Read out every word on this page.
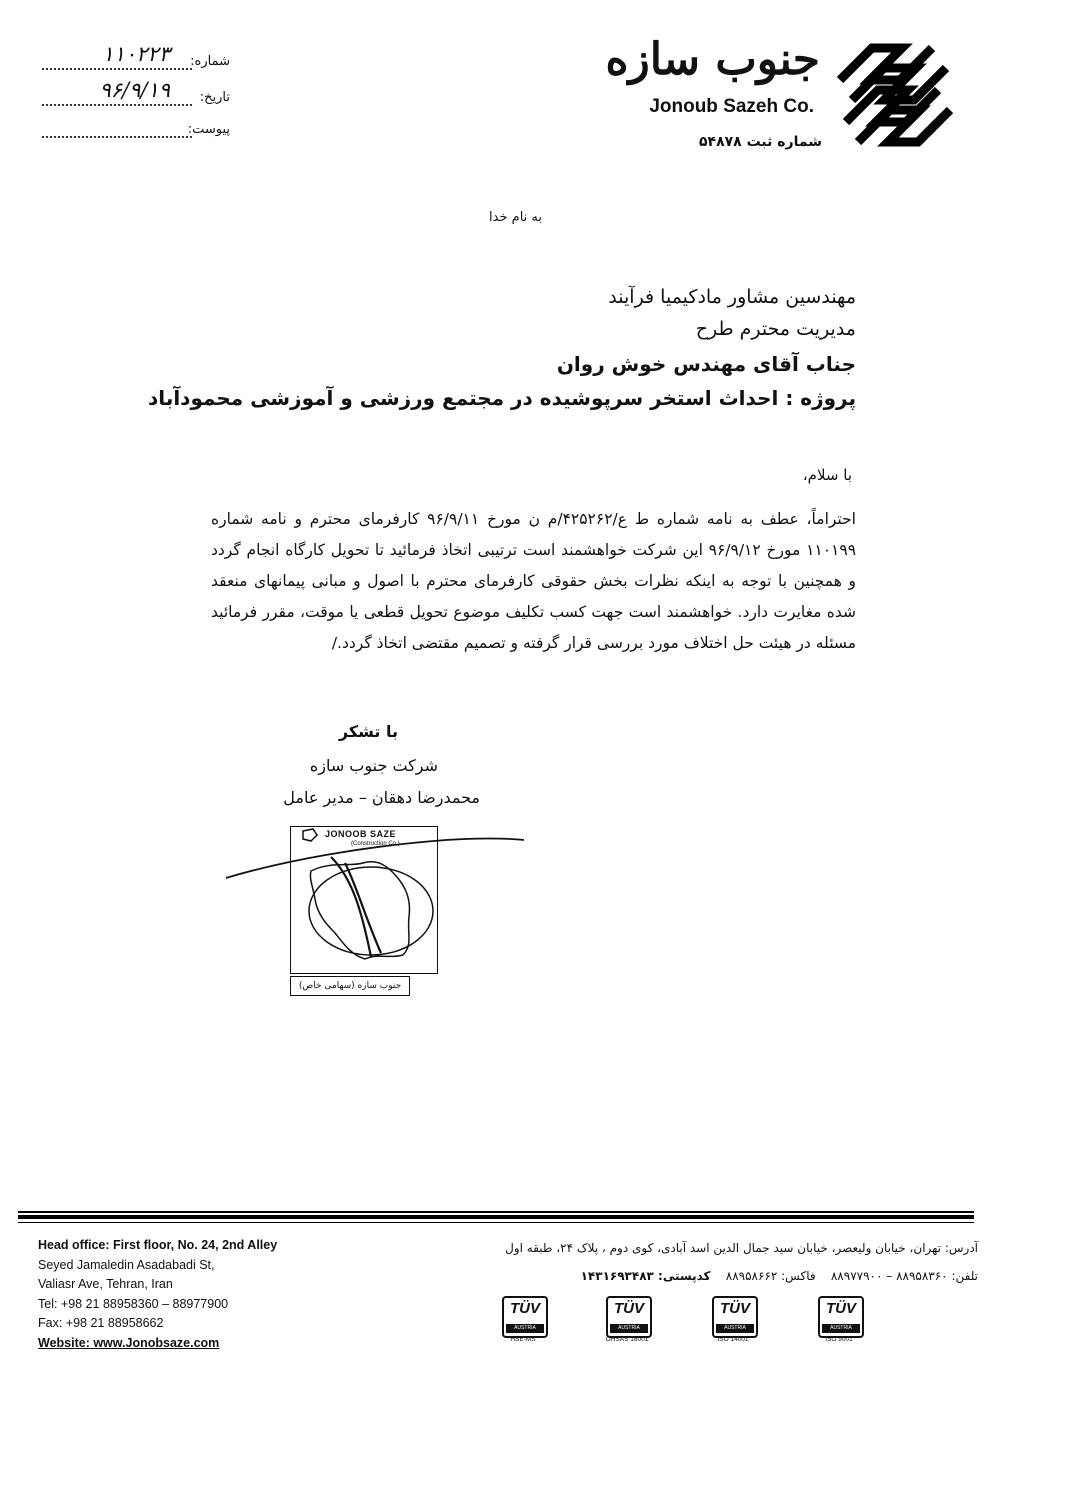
شماره:
۱۱۰۲۲۳
تاریخ:
۹۶/۹/۱۹
پیوست:
جنوب سازه
Jonoub Sazeh Co.
شماره ثبت ۵۴۸۷۸
به نام خدا
مهندسین مشاور مادکیمیا فرآیند
مدیریت محترم طرح
جناب آقای مهندس خوش روان
پروژه : احداث استخر سرپوشیده در مجتمع ورزشی و آموزشی محمودآباد
با سلام،
احتراماً، عطف به نامه شماره ط ع/۴۲۵۲۶۲/م ن مورخ ۹۶/۹/۱۱ کارفرمای محترم و نامه شماره ۱۱۰۱۹۹ مورخ ۹۶/۹/۱۲ این شرکت خواهشمند است ترتیبی اتخاذ فرمائید تا تحویل کارگاه انجام گردد و همچنین با توجه به اینکه نظرات بخش حقوقی کارفرمای محترم با اصول و مبانی پیمانهای منعقد شده مغایرت دارد. خواهشمند است جهت کسب تکلیف موضوع تحویل قطعی یا موقت، مقرر فرمائید مسئله در هیئت حل اختلاف مورد بررسی قرار گرفته و تصمیم مقتضی اتخاذ گردد./
با تشکر
شرکت جنوب سازه
محمدرضا دهقان – مدیر عامل
JONOOB SAZE
(Construction Co.)
جنوب سازه (سهامی خاص)
Head office: First floor, No. 24, 2nd Alley
Seyed Jamaledin Asadabadi St,
Valiasr Ave, Tehran, Iran
Tel: +98 21 88958360 – 88977900
Fax: +98 21 88958662
Website: www.Jonobsaze.com
آدرس: تهران، خیابان ولیعصر، خیابان سید جمال الدین اسد آبادی، کوی دوم ، پلاک ۲۴، طبقه اول
تلفن: ۸۸۹۵۸۳۶۰ – ۸۸۹۷۷۹۰۰    فاکس: ۸۸۹۵۸۶۶۲    کدپستی: ۱۴۳۱۶۹۳۴۸۳
TÜV
AUSTRIA
HSE-MS
TÜV
AUSTRIA
OHSAS 18001
TÜV
AUSTRIA
ISO 14001
TÜV
AUSTRIA
ISO 9001
